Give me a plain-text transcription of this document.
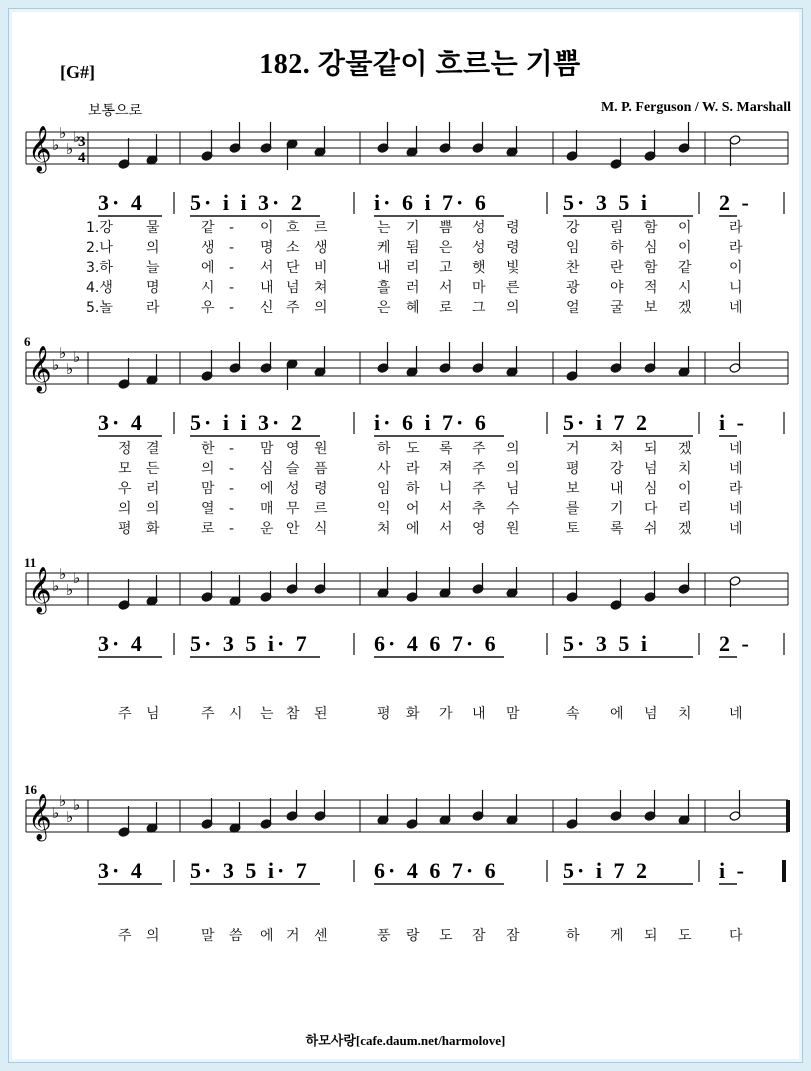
[G#]	182. 강물같이 흐르는 기쁨
보통으로	M. P. Ferguson / W. S. Marshall
𝄞 ♭
♭
♭
♭
3
4
3· 4 5· i i 3· 2	i· 6 i 7· 6	5· 3 5 i	2 -
1.강 물	같 - 이 흐 르	는 기 쁨 성 령	강 림 함 이	라
2.나 의	생 - 명 소 생	케 됨 은 성 령	임 하 심 이	라
3.하 늘	에 - 서 단 비	내 리 고 햇 빛	찬 란 함 같	이
4.생 명	시 - 내 넘 쳐	흘 러 서 마 른	광 야 적 시	니
5.놀 라	우 - 신 주 의	은 혜 로 그 의	얼 굴 보 겠	네
𝄞 ♭
♭
♭
♭
6
3· 4 5· i i 3· 2	i· 6 i 7· 6	5· i 7 2	i -
정 결	한 - 맘 영 원	하 도 록 주 의	거 처 되 겠	네
모 든	의 - 심 슬 픔	사 라 져 주 의	평 강 넘 치	네
우 리	맘 - 에 성 령	임 하 니 주 님	보 내 심 이	라
의 의	열 - 매 무 르	익 어 서 추 수	를 기 다 리	네
평 화	로 - 운 안 식	처 에 서 영 원	토 록 쉬 겠	네
𝄞 ♭
♭
♭
♭
11
3· 4 5· 3 5 i· 7	6· 4 6 7· 6	5· 3 5 i	2 -
주 님	주 시 는 참 된	평 화 가 내 맘	속 에 넘 치	네
𝄞 ♭
♭
♭
♭
16
3· 4 5· 3 5 i· 7	6· 4 6 7· 6	5· i 7 2	i -
주 의	말 씀 에 거 센	풍 랑 도 잠 잠	하 게 되 도	다
하모사랑[cafe.daum.net/harmolove]
